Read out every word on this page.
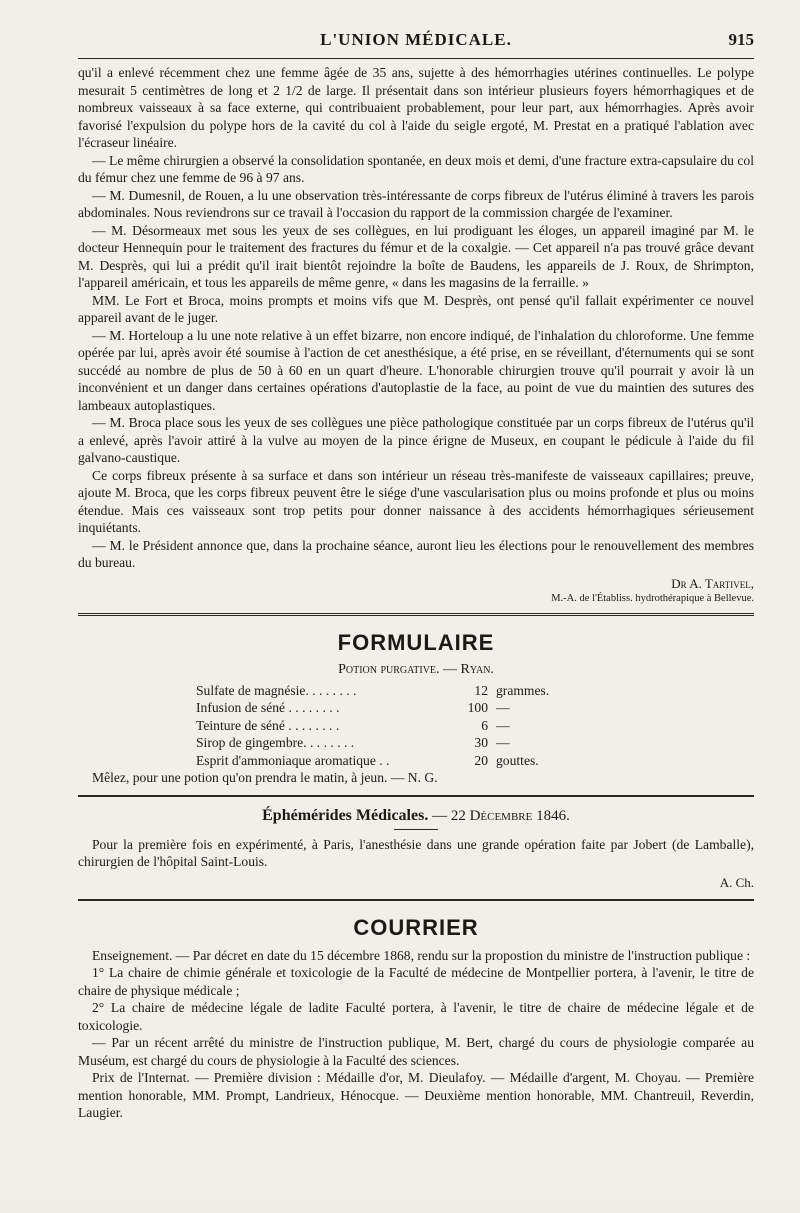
L'UNION MÉDICALE.	915

qu'il a enlevé récemment chez une femme âgée de 35 ans, sujette à des hémorrhagies utérines continuelles. Le polype mesurait 5 centimètres de long et 2 1/2 de large. Il présentait dans son intérieur plusieurs foyers hémorrhagiques et de nombreux vaisseaux à sa face externe, qui contribuaient probablement, pour leur part, aux hémorrhagies. Après avoir favorisé l'expulsion du polype hors de la cavité du col à l'aide du seigle ergoté, M. Prestat en a pratiqué l'ablation avec l'écraseur linéaire.

— Le même chirurgien a observé la consolidation spontanée, en deux mois et demi, d'une fracture extra-capsulaire du col du fémur chez une femme de 96 à 97 ans.

— M. Dumesnil, de Rouen, a lu une observation très-intéressante de corps fibreux de l'utérus éliminé à travers les parois abdominales. Nous reviendrons sur ce travail à l'occasion du rapport de la commission chargée de l'examiner.

— M. Désormeaux met sous les yeux de ses collègues, en lui prodiguant les éloges, un appareil imaginé par M. le docteur Hennequin pour le traitement des fractures du fémur et de la coxalgie. — Cet appareil n'a pas trouvé grâce devant M. Desprès, qui lui a prédit qu'il irait bientôt rejoindre la boîte de Baudens, les appareils de J. Roux, de Shrimpton, l'appareil américain, et tous les appareils de même genre, « dans les magasins de la ferraille. »

MM. Le Fort et Broca, moins prompts et moins vifs que M. Desprès, ont pensé qu'il fallait expérimenter ce nouvel appareil avant de le juger.

— M. Horteloup a lu une note relative à un effet bizarre, non encore indiqué, de l'inhalation du chloroforme. Une femme opérée par lui, après avoir été soumise à l'action de cet anesthésique, a été prise, en se réveillant, d'éternuments qui se sont succédé au nombre de plus de 50 à 60 en un quart d'heure. L'honorable chirurgien trouve qu'il pourrait y avoir là un inconvénient et un danger dans certaines opérations d'autoplastie de la face, au point de vue du maintien des sutures des lambeaux autoplastiques.

— M. Broca place sous les yeux de ses collègues une pièce pathologique constituée par un corps fibreux de l'utérus qu'il a enlevé, après l'avoir attiré à la vulve au moyen de la pince érigne de Museux, en coupant le pédicule à l'aide du fil galvano-caustique.

Ce corps fibreux présente à sa surface et dans son intérieur un réseau très-manifeste de vaisseaux capillaires; preuve, ajoute M. Broca, que les corps fibreux peuvent être le siége d'une vascularisation plus ou moins profonde et plus ou moins étendue. Mais ces vaisseaux sont trop petits pour donner naissance à des accidents hémorrhagiques sérieusement inquiétants.

— M. le Président annonce que, dans la prochaine séance, auront lieu les élections pour le renouvellement des membres du bureau.

Dr A. Tartivel,
M.-A. de l'Établiss. hydrothérapique à Bellevue.
FORMULAIRE
Potion purgative. — Ryan.
Sulfate de magnésie. . . . . . . .	12	grammes.
Infusion de séné . . . . . . . .	100	—
Teinture de séné . . . . . . . .	6	—
Sirop de gingembre. . . . . . . .	30	—
Esprit d'ammoniaque aromatique . .	20	gouttes.

Mêlez, pour une potion qu'on prendra le matin, à jeun. — N. G.

Éphémérides Médicales. — 22 Décembre 1846.

Pour la première fois en expérimenté, à Paris, l'anesthésie dans une grande opération faite par Jobert (de Lamballe), chirurgien de l'hôpital Saint-Louis.

A. Ch.
COURRIER

Enseignement. — Par décret en date du 15 décembre 1868, rendu sur la propostion du ministre de l'instruction publique :

1° La chaire de chimie générale et toxicologie de la Faculté de médecine de Montpellier portera, à l'avenir, le titre de chaire de physique médicale ;

2° La chaire de médecine légale de ladite Faculté portera, à l'avenir, le titre de chaire de médecine légale et de toxicologie.

— Par un récent arrêté du ministre de l'instruction publique, M. Bert, chargé du cours de physiologie comparée au Muséum, est chargé du cours de physiologie à la Faculté des sciences.

Prix de l'Internat. — Première division : Médaille d'or, M. Dieulafoy. — Médaille d'argent, M. Choyau. — Première mention honorable, MM. Prompt, Landrieux, Hénocque. — Deuxième mention honorable, MM. Chantreuil, Reverdin, Laugier.
